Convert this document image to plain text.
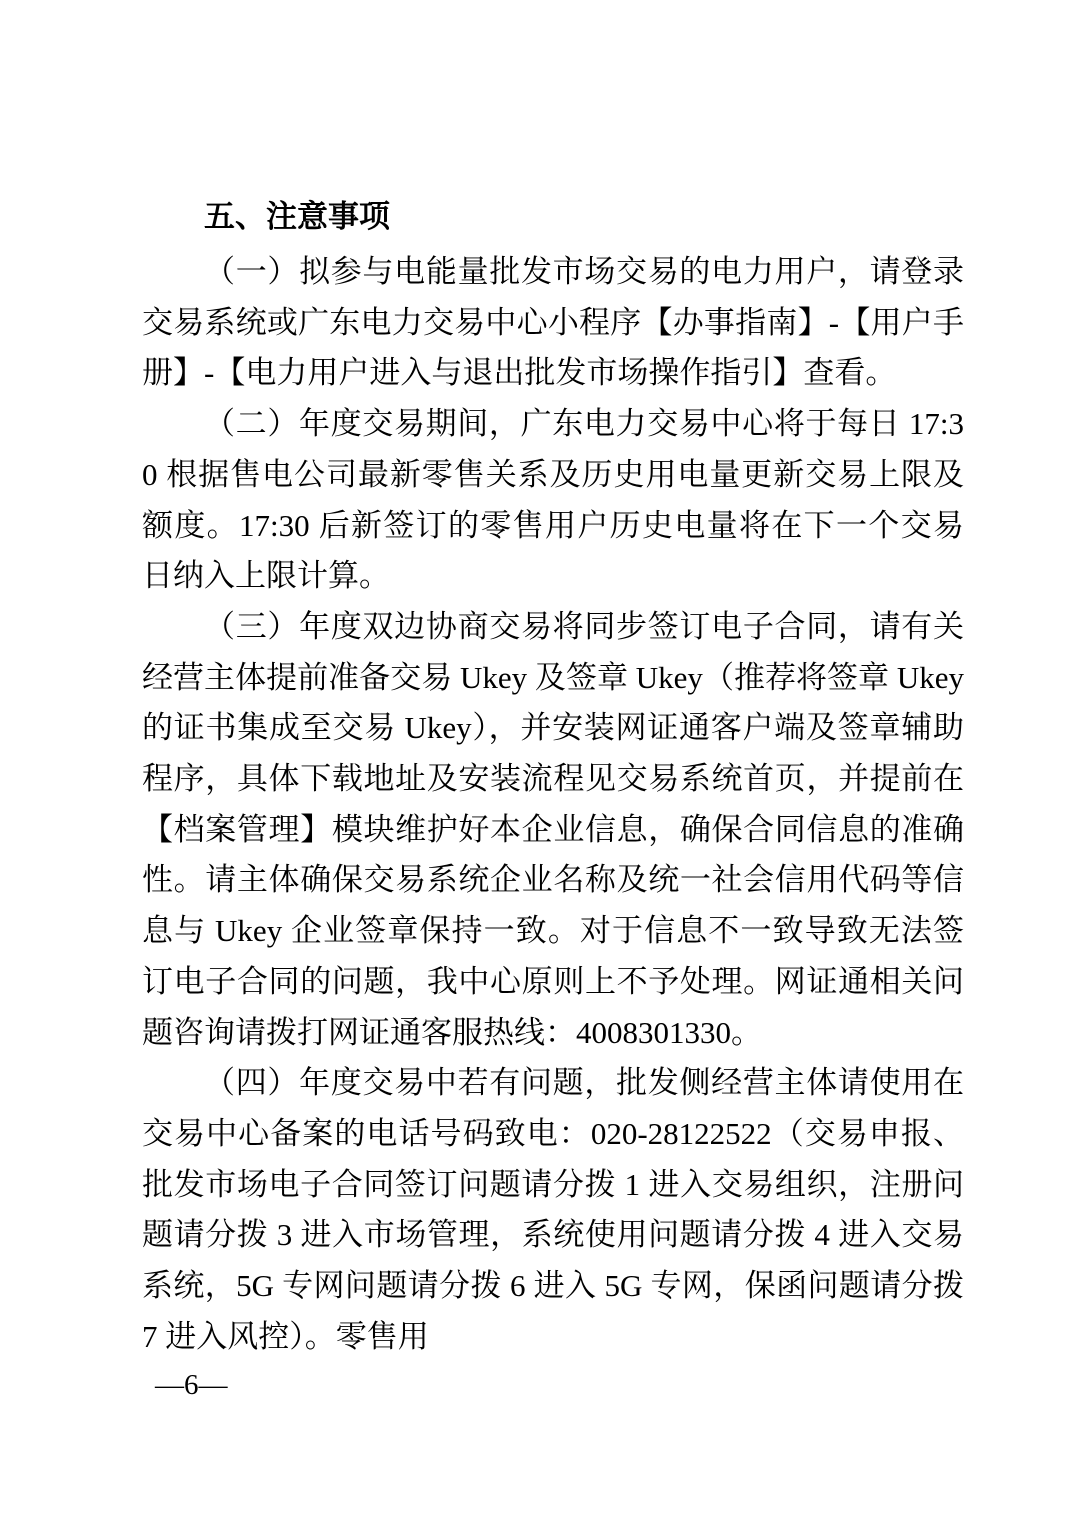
五、注意事项

（一）拟参与电能量批发市场交易的电力用户，请登录交易系统或广东电力交易中心小程序【办事指南】-【用户手册】-【电力用户进入与退出批发市场操作指引】查看。

（二）年度交易期间，广东电力交易中心将于每日 17:30 根据售电公司最新零售关系及历史用电量更新交易上限及额度。17:30 后新签订的零售用户历史电量将在下一个交易日纳入上限计算。

（三）年度双边协商交易将同步签订电子合同，请有关经营主体提前准备交易 Ukey 及签章 Ukey（推荐将签章 Ukey 的证书集成至交易 Ukey），并安装网证通客户端及签章辅助程序，具体下载地址及安装流程见交易系统首页，并提前在【档案管理】模块维护好本企业信息，确保合同信息的准确性。请主体确保交易系统企业名称及统一社会信用代码等信息与 Ukey 企业签章保持一致。对于信息不一致导致无法签订电子合同的问题，我中心原则上不予处理。网证通相关问题咨询请拨打网证通客服热线：4008301330。

（四）年度交易中若有问题，批发侧经营主体请使用在交易中心备案的电话号码致电：020-28122522（交易申报、批发市场电子合同签订问题请分拨 1 进入交易组织，注册问题请分拨 3 进入市场管理，系统使用问题请分拨 4 进入交易系统，5G 专网问题请分拨 6 进入 5G 专网，保函问题请分拨 7 进入风控）。零售用

—6—
